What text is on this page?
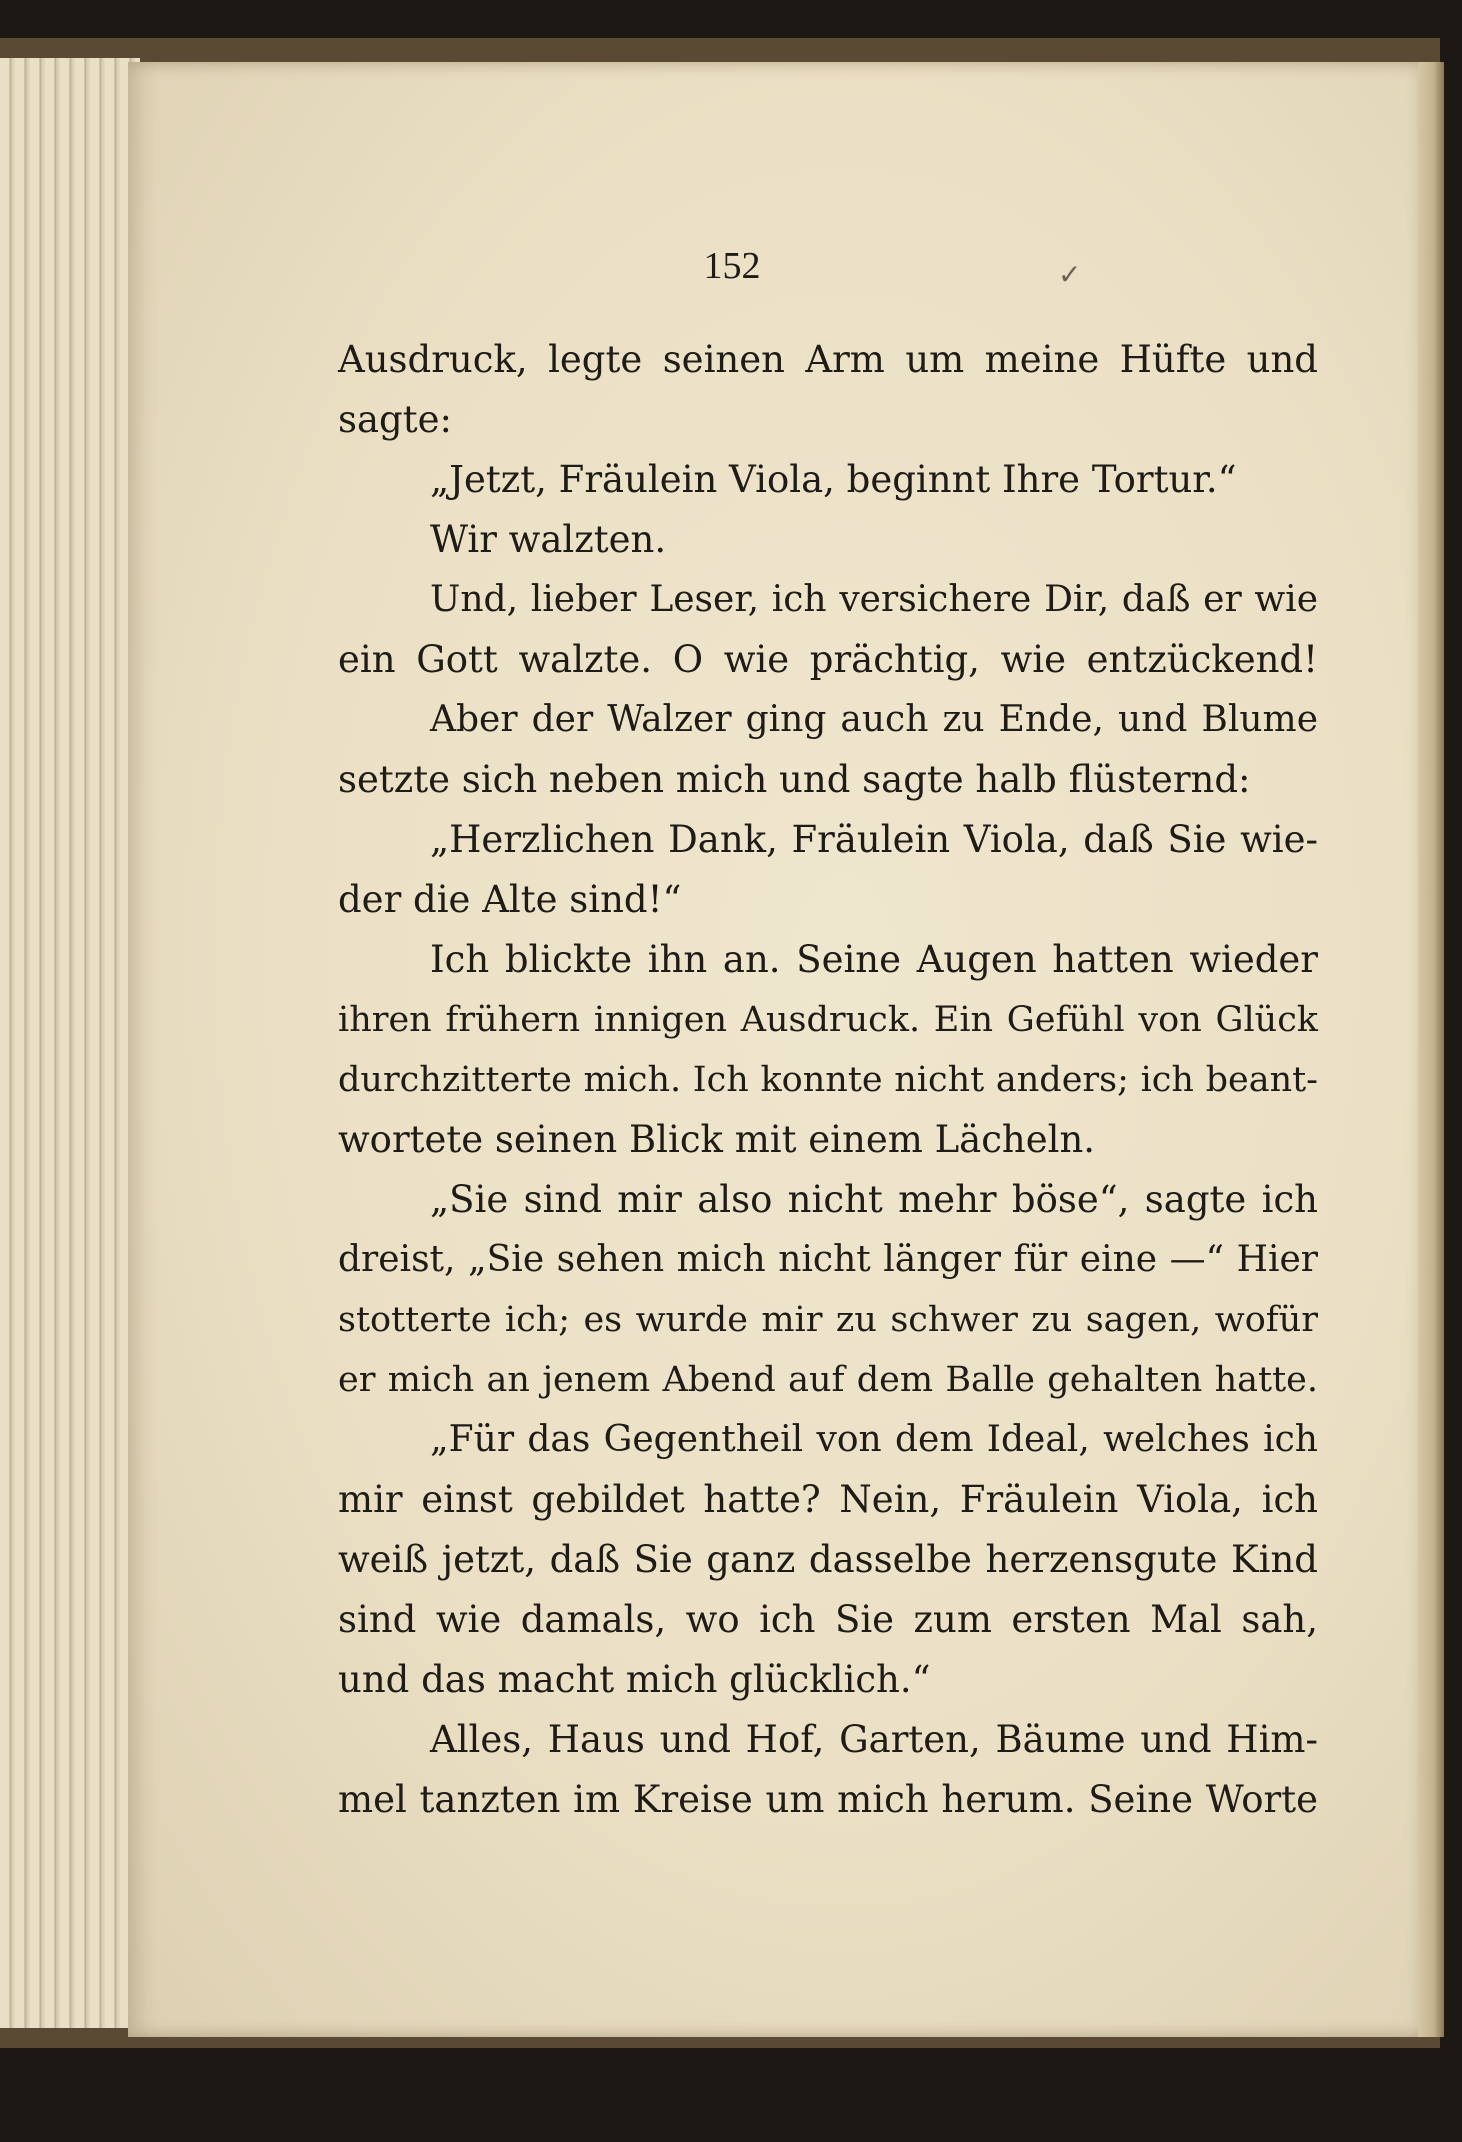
152	✓
Ausdruck, legte seinen Arm um meine Hüfte und
sagte:
„Jetzt, Fräulein Viola, beginnt Ihre Tortur.“
Wir walzten.
Und, lieber Leser, ich versichere Dir, daß er wie
ein Gott walzte. O wie prächtig, wie entzückend!
Aber der Walzer ging auch zu Ende, und Blume
setzte sich neben mich und sagte halb flüsternd:
„Herzlichen Dank, Fräulein Viola, daß Sie wie-
der die Alte sind!“
Ich blickte ihn an. Seine Augen hatten wieder
ihren frühern innigen Ausdruck. Ein Gefühl von Glück
durchzitterte mich. Ich konnte nicht anders; ich beant-
wortete seinen Blick mit einem Lächeln.
„Sie sind mir also nicht mehr böse“, sagte ich
dreist, „Sie sehen mich nicht länger für eine —“ Hier
stotterte ich; es wurde mir zu schwer zu sagen, wofür
er mich an jenem Abend auf dem Balle gehalten hatte.
„Für das Gegentheil von dem Ideal, welches ich
mir einst gebildet hatte? Nein, Fräulein Viola, ich
weiß jetzt, daß Sie ganz dasselbe herzensgute Kind
sind wie damals, wo ich Sie zum ersten Mal sah,
und das macht mich glücklich.“
Alles, Haus und Hof, Garten, Bäume und Him-
mel tanzten im Kreise um mich herum. Seine Worte
